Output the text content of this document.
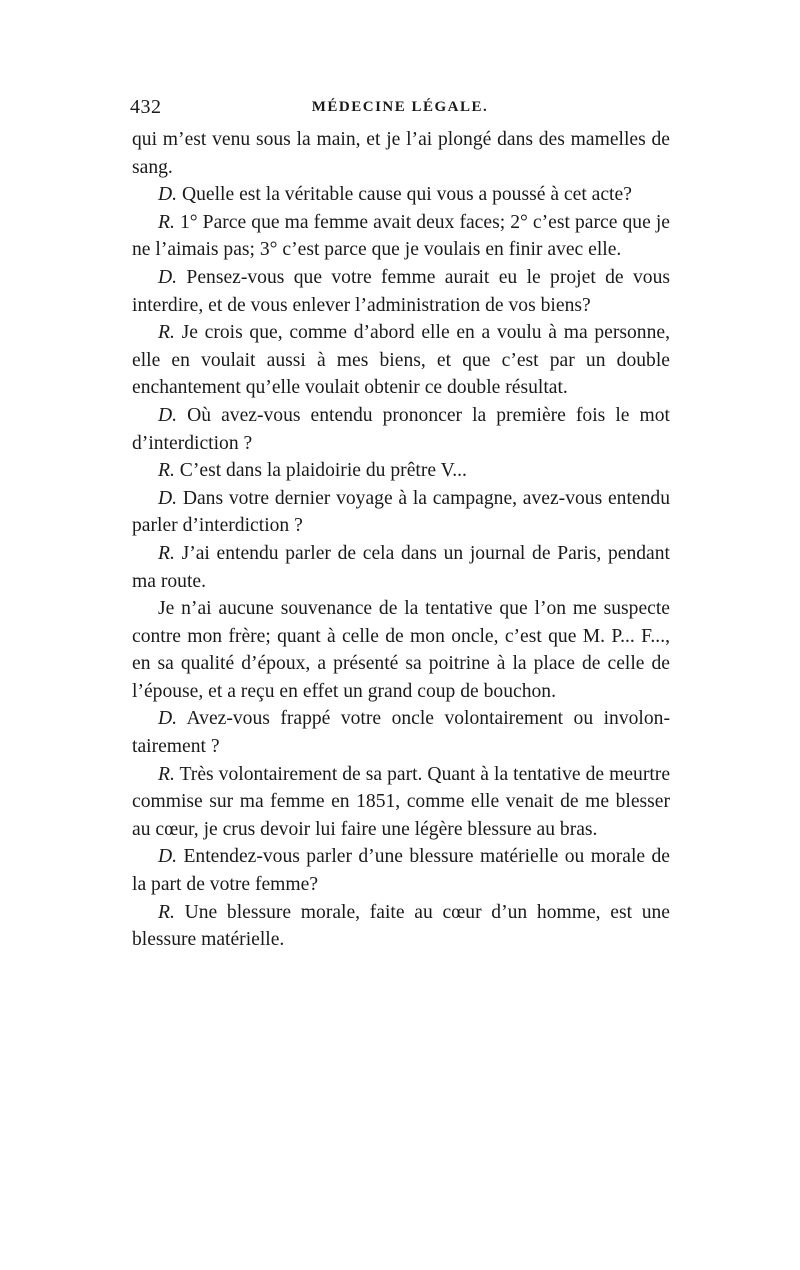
432	MÉDECINE LÉGALE.

qui m’est venu sous la main, et je l’ai plongé dans des mamelles de sang.

D. Quelle est la véritable cause qui vous a poussé à cet acte?

R. 1° Parce que ma femme avait deux faces; 2° c’est parce que je ne l’aimais pas; 3° c’est parce que je voulais en finir avec elle.

D. Pensez-vous que votre femme aurait eu le projet de vous interdire, et de vous enlever l’administration de vos biens?

R. Je crois que, comme d’abord elle en a voulu à ma personne, elle en voulait aussi à mes biens, et que c’est par un double enchantement qu’elle voulait obtenir ce double résultat.

D. Où avez-vous entendu prononcer la première fois le mot d’interdiction ?

R. C’est dans la plaidoirie du prêtre V...

D. Dans votre dernier voyage à la campagne, avez-vous entendu parler d’interdiction ?

R. J’ai entendu parler de cela dans un journal de Paris, pendant ma route.

Je n’ai aucune souvenance de la tentative que l’on me suspecte contre mon frère; quant à celle de mon oncle, c’est que M. P... F..., en sa qualité d’époux, a présenté sa poitrine à la place de celle de l’épouse, et a reçu en effet un grand coup de bouchon.

D. Avez-vous frappé votre oncle volontairement ou involontairement ?

R. Très volontairement de sa part. Quant à la tentative de meurtre commise sur ma femme en 1851, comme elle venait de me blesser au cœur, je crus devoir lui faire une légère blessure au bras.

D. Entendez-vous parler d’une blessure matérielle ou morale de la part de votre femme?

R. Une blessure morale, faite au cœur d’un homme, est une blessure matérielle.
